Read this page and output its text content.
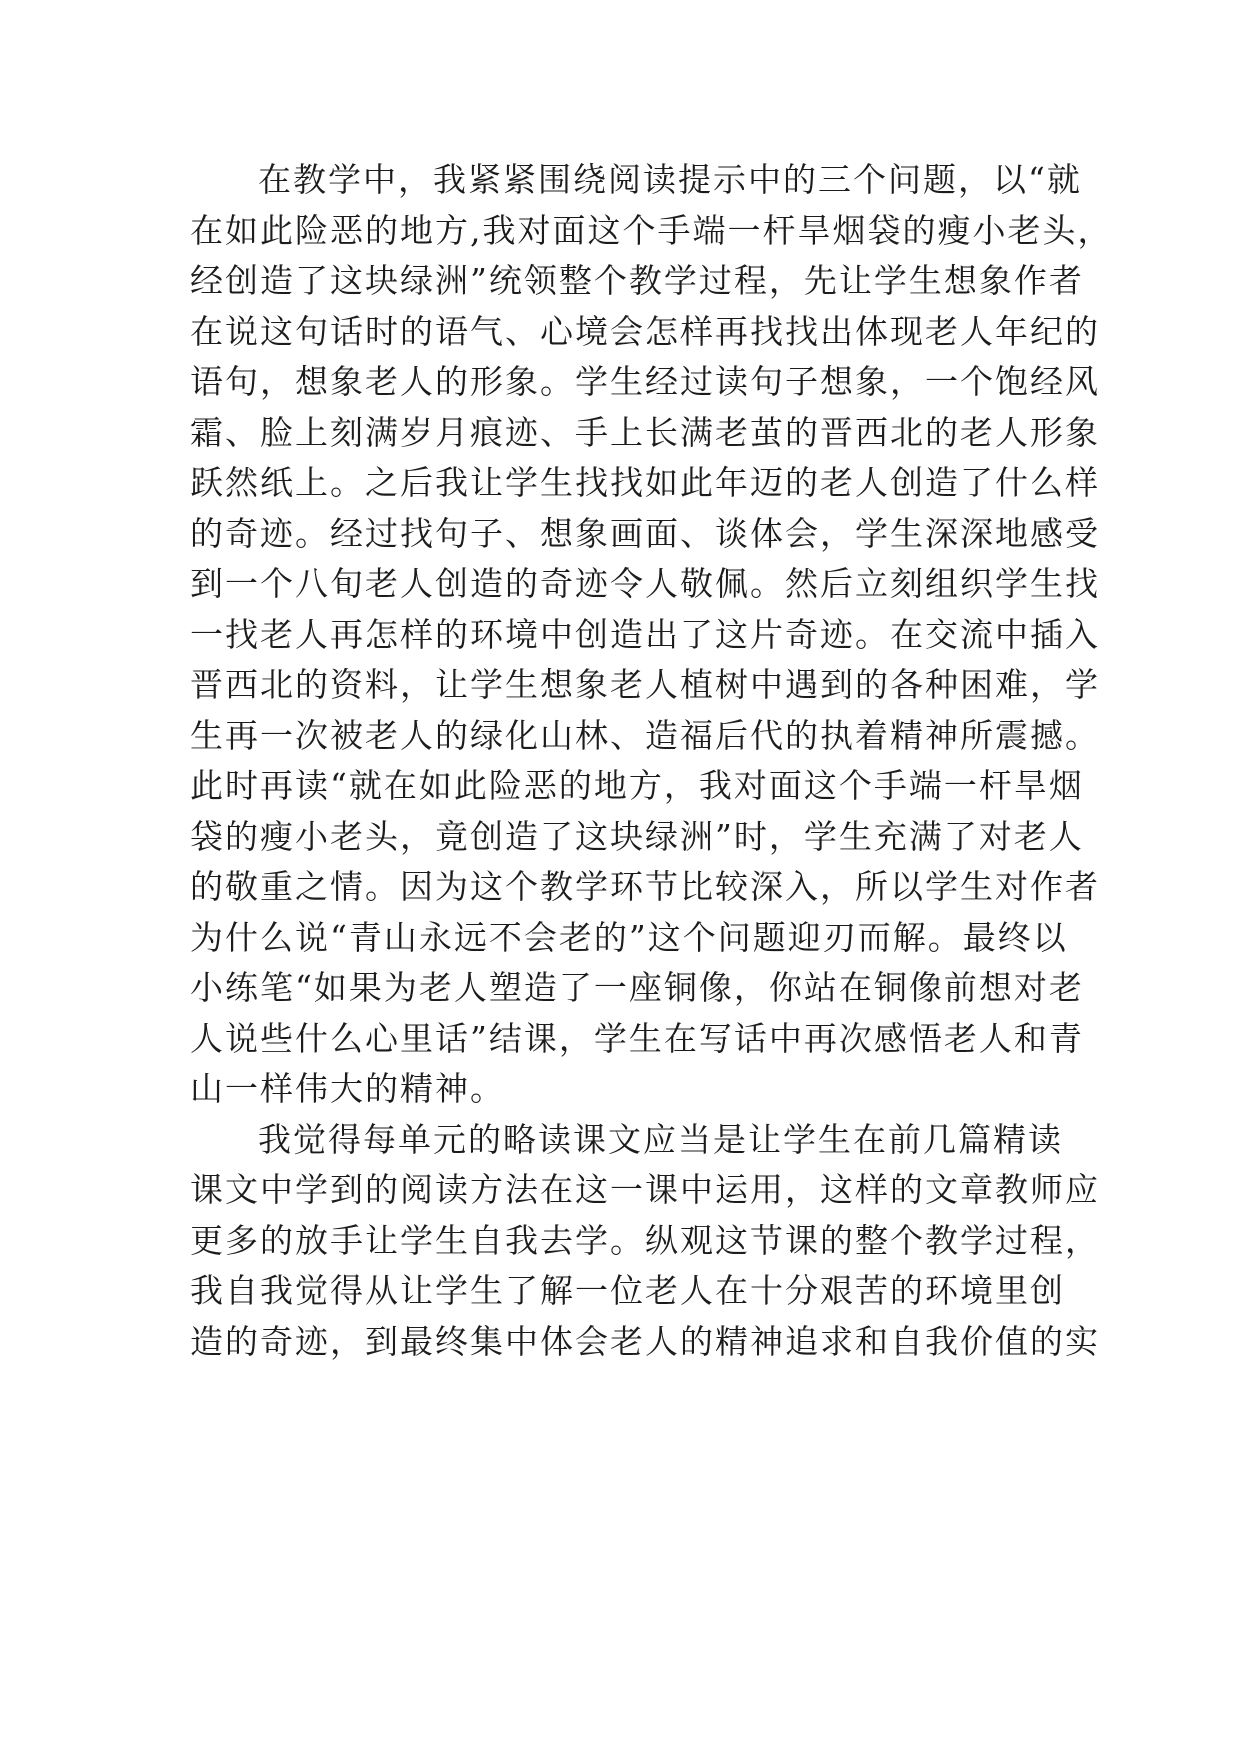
在教学中，我紧紧围绕阅读提示中的三个问题，以“就
在如此险恶的地方,我对面这个手端一杆旱烟袋的瘦小老头，
经创造了这块绿洲”统领整个教学过程，先让学生想象作者
在说这句话时的语气、心境会怎样再找找出体现老人年纪的
语句，想象老人的形象。学生经过读句子想象，一个饱经风
霜、脸上刻满岁月痕迹、手上长满老茧的晋西北的老人形象
跃然纸上。之后我让学生找找如此年迈的老人创造了什么样
的奇迹。经过找句子、想象画面、谈体会，学生深深地感受
到一个八旬老人创造的奇迹令人敬佩。然后立刻组织学生找
一找老人再怎样的环境中创造出了这片奇迹。在交流中插入
晋西北的资料，让学生想象老人植树中遇到的各种困难，学
生再一次被老人的绿化山林、造福后代的执着精神所震撼。
此时再读“就在如此险恶的地方，我对面这个手端一杆旱烟
袋的瘦小老头，竟创造了这块绿洲”时，学生充满了对老人
的敬重之情。因为这个教学环节比较深入，所以学生对作者
为什么说“青山永远不会老的”这个问题迎刃而解。最终以
小练笔“如果为老人塑造了一座铜像，你站在铜像前想对老
人说些什么心里话”结课，学生在写话中再次感悟老人和青
山一样伟大的精神。
我觉得每单元的略读课文应当是让学生在前几篇精读
课文中学到的阅读方法在这一课中运用，这样的文章教师应
更多的放手让学生自我去学。纵观这节课的整个教学过程，
我自我觉得从让学生了解一位老人在十分艰苦的环境里创
造的奇迹，到最终集中体会老人的精神追求和自我价值的实
